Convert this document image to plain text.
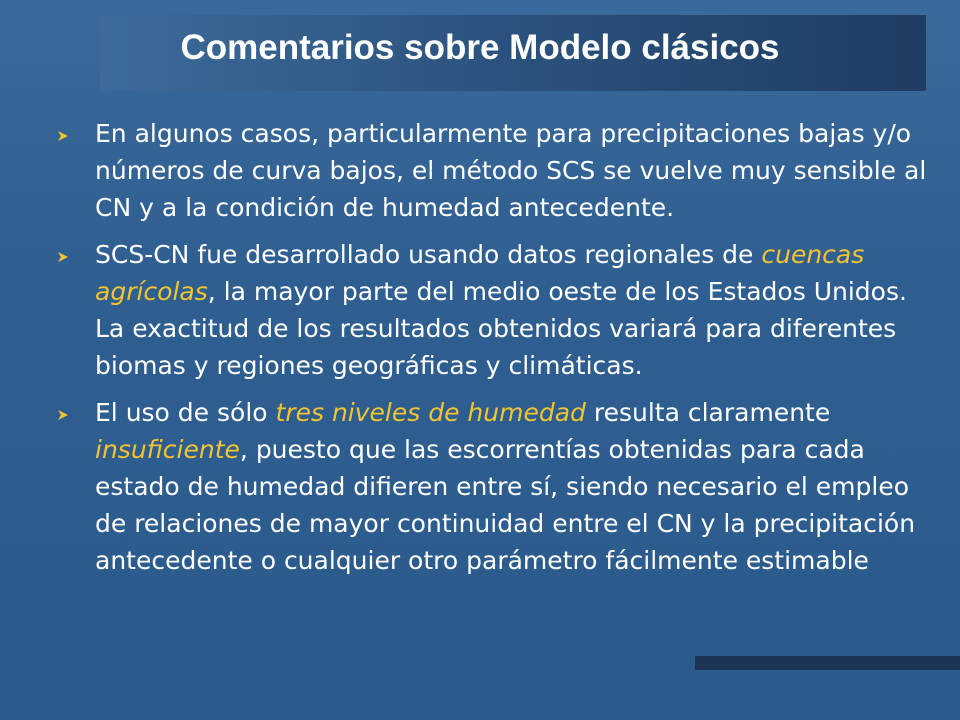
Comentarios sobre Modelo clásicos
En algunos casos, particularmente para precipitaciones bajas y/o números de curva bajos, el método SCS se vuelve muy sensible al CN y a la condición de humedad antecedente.
SCS-CN fue desarrollado usando datos regionales de cuencas agrícolas, la mayor parte del medio oeste de los Estados Unidos. La exactitud de los resultados obtenidos variará para diferentes biomas y regiones geográficas y climáticas.
El uso de sólo tres niveles de humedad resulta claramente insuficiente, puesto que las escorrentías obtenidas para cada estado de humedad difieren entre sí, siendo necesario el empleo de relaciones de mayor continuidad entre el CN y la precipitación antecedente o cualquier otro parámetro fácilmente estimable
